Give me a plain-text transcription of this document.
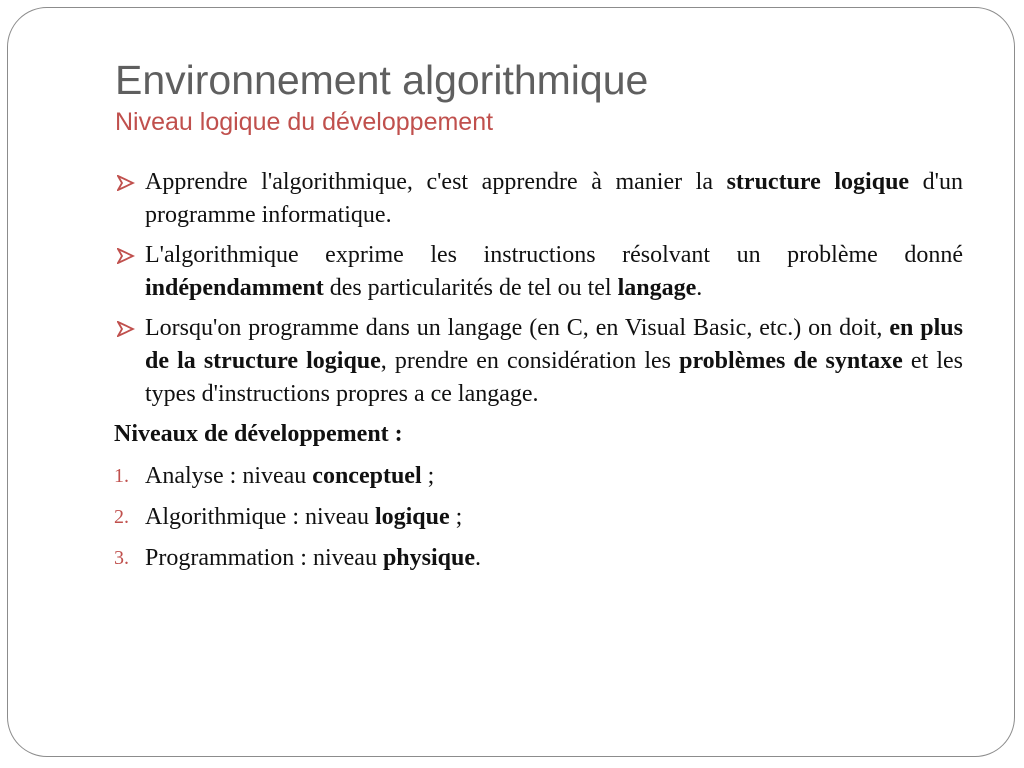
Environnement algorithmique
Niveau logique du développement
Apprendre l'algorithmique, c'est apprendre à manier la structure logique d'un programme informatique.
L'algorithmique exprime les instructions résolvant un problème donné indépendamment des particularités de tel ou tel langage.
Lorsqu'on programme dans un langage (en C, en Visual Basic, etc.) on doit, en plus de la structure logique, prendre en considération les problèmes de syntaxe et les types d'instructions propres a ce langage.
Niveaux de développement :
1. Analyse : niveau conceptuel ;
2. Algorithmique : niveau logique ;
3. Programmation : niveau physique.
